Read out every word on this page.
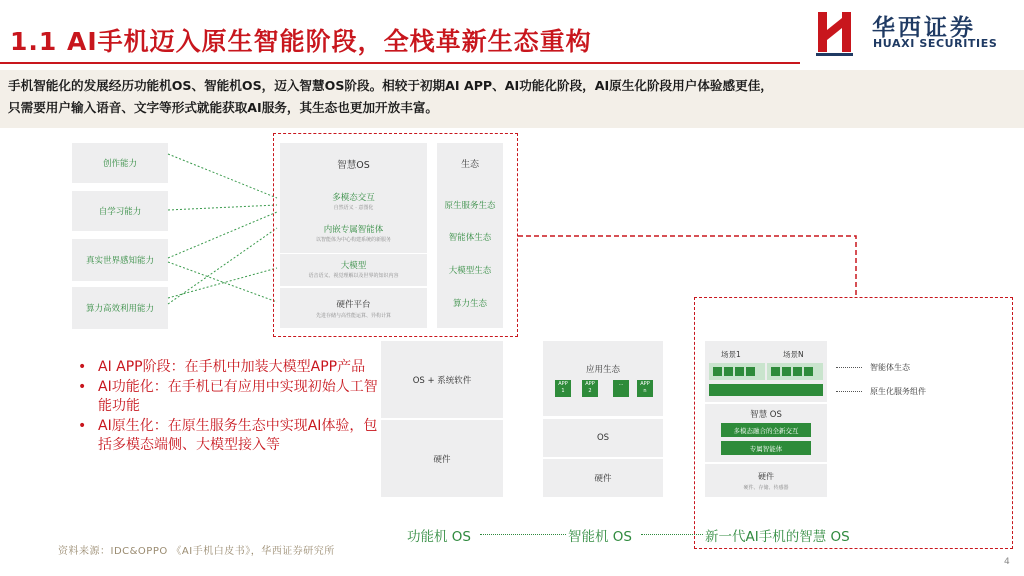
1.1 AI手机迈入原生智能阶段，全栈革新生态重构	华西证券
HUAXI SECURITIES
手机智能化的发展经历功能机OS、智能机OS，迈入智慧OS阶段。相较于初期AI APP、AI功能化阶段，AI原生化阶段用户体验感更佳，
只需要用户输入语音、文字等形式就能获取AI服务，其生态也更加开放丰富。
创作能力
自学习能力
真实世界感知能力
算力高效利用能力
智慧OS
多模态交互
自然语义 · 意图化
内嵌专属智能体
以智能体为中心构建系统的新服务
大模型
语音语义、视觉理解以及世界的知识内容
硬件平台
先进存储与高性能运算、异构计算
生态
原生服务生态
智能体生态
大模型生态
算力生态
• AI APP阶段：在手机中加装大模型APP产品
• AI功能化：在手机已有应用中实现初始人工智能功能
• AI原生化：在原生服务生态中实现AI体验，包括多模态端侧、大模型接入等
OS + 系统软件
硬件
应用生态
APP
1
APP
2
...	APP
n
OS
硬件
场景1	场景N
智能体生态
原生化服务组件
智慧 OS
多模态融合的全新交互
专属智能体
硬件
硬件、存储、传感器
功能机 OS	智能机 OS	新一代AI手机的智慧 OS
资料来源：IDC&OPPO 《AI手机白皮书》，华西证券研究所
4
